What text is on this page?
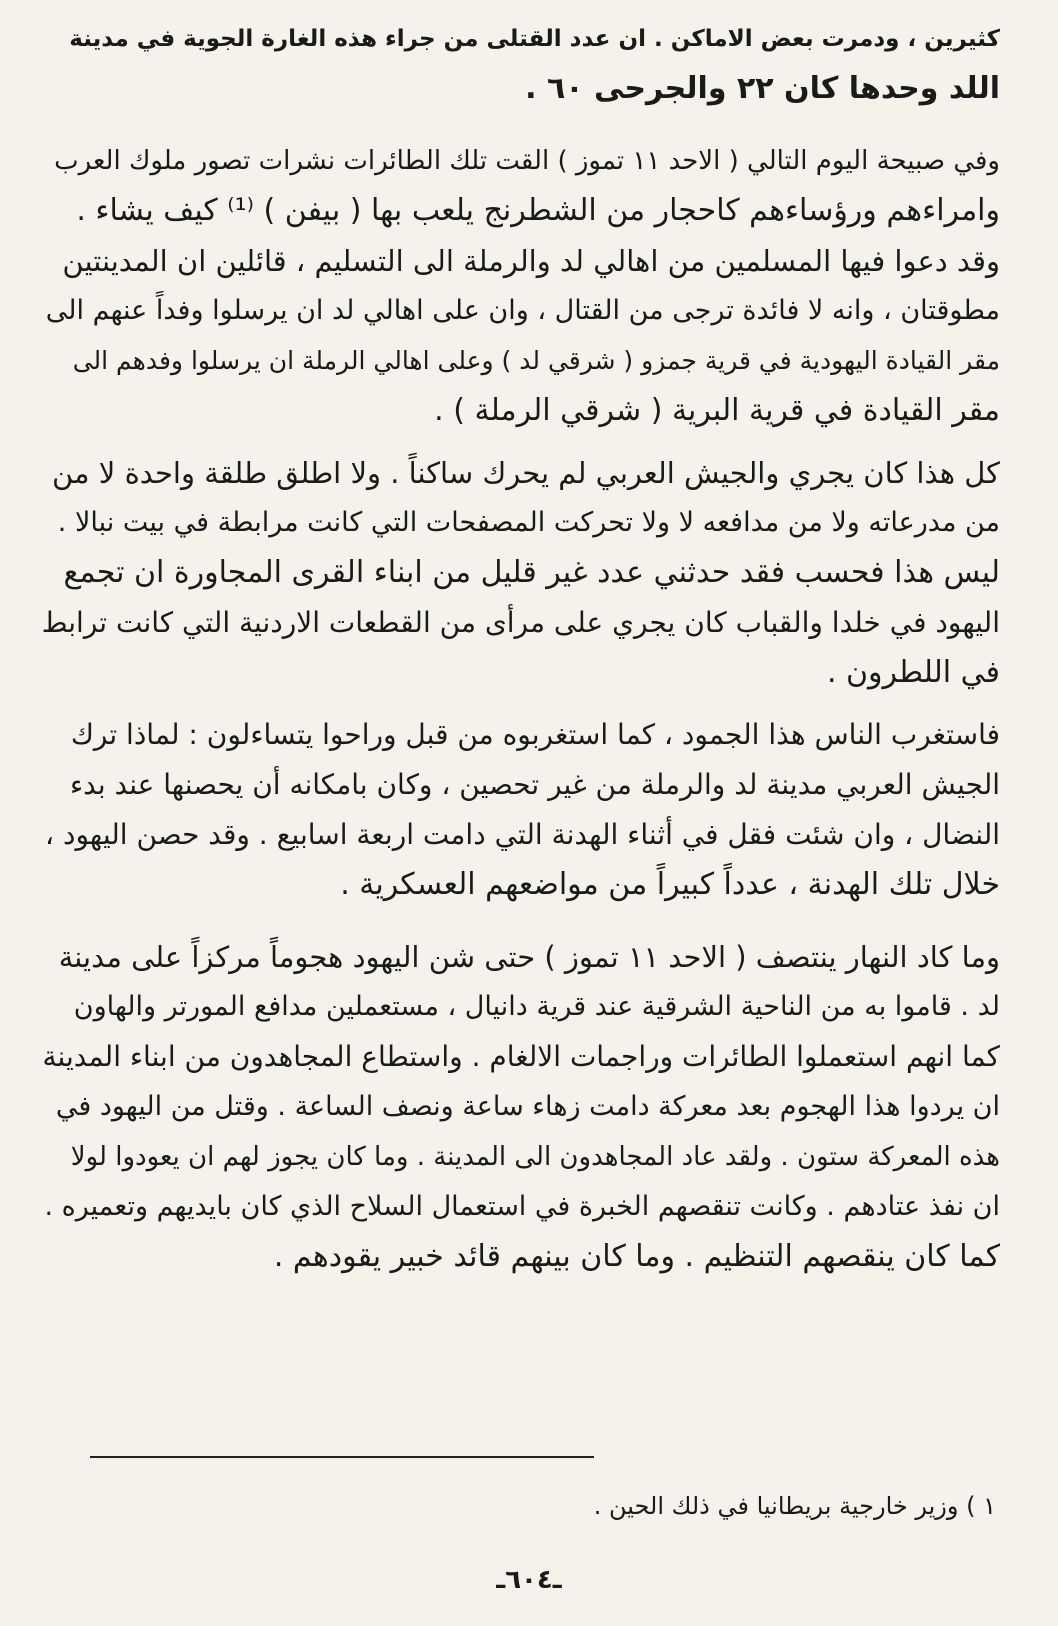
كثيرين ، ودمرت بعض الاماكن . ان عدد القتلى من جراء هذه الغارة الجوية في مدينة
اللد وحدها كان ٢٢ والجرحى ٦٠ .
وفي صبيحة اليوم التالي ( الاحد ١١ تموز ) القت تلك الطائرات نشرات تصور ملوك العرب
وامراءهم ورؤساءهم كاحجار من الشطرنج يلعب بها ( بيفن ) ⁽¹⁾ كيف يشاء .
وقد دعوا فيها المسلمين من اهالي لد والرملة الى التسليم ، قائلين ان المدينتين
مطوقتان ، وانه لا فائدة ترجى من القتال ، وان على اهالي لد ان يرسلوا وفداً عنهم الى
مقر القيادة اليهودية في قرية جمزو ( شرقي لد ) وعلى اهالي الرملة ان يرسلوا وفدهم الى
مقر القيادة في قرية البرية ( شرقي الرملة ) .
كل هذا كان يجري والجيش العربي لم يحرك ساكناً . ولا اطلق طلقة واحدة لا من
من مدرعاته ولا من مدافعه لا ولا تحركت المصفحات التي كانت مرابطة في بيت نبالا .
ليس هذا فحسب فقد حدثني عدد غير قليل من ابناء القرى المجاورة ان تجمع
اليهود في خلدا والقباب كان يجري على مرأى من القطعات الاردنية التي كانت ترابط
في اللطرون .
فاستغرب الناس هذا الجمود ، كما استغربوه من قبل وراحوا يتساءلون : لماذا ترك
الجيش العربي مدينة لد والرملة من غير تحصين ، وكان بامكانه أن يحصنها عند بدء
النضال ، وان شئت فقل في أثناء الهدنة التي دامت اربعة اسابيع . وقد حصن اليهود ،
خلال تلك الهدنة ، عدداً كبيراً من مواضعهم العسكرية .
وما كاد النهار ينتصف ( الاحد ١١ تموز ) حتى شن اليهود هجوماً مركزاً على مدينة
لد . قاموا به من الناحية الشرقية عند قرية دانيال ، مستعملين مدافع المورتر والهاون
كما انهم استعملوا الطائرات وراجمات الالغام . واستطاع المجاهدون من ابناء المدينة
ان يردوا هذا الهجوم بعد معركة دامت زهاء ساعة ونصف الساعة . وقتل من اليهود في
هذه المعركة ستون . ولقد عاد المجاهدون الى المدينة . وما كان يجوز لهم ان يعودوا لولا
ان نفذ عتادهم . وكانت تنقصهم الخبرة في استعمال السلاح الذي كان بايديهم وتعميره .
كما كان ينقصهم التنظيم . وما كان بينهم قائد خبير يقودهم .
١ ) وزير خارجية بريطانيا في ذلك الحين .
ـ٦٠٤ـ
